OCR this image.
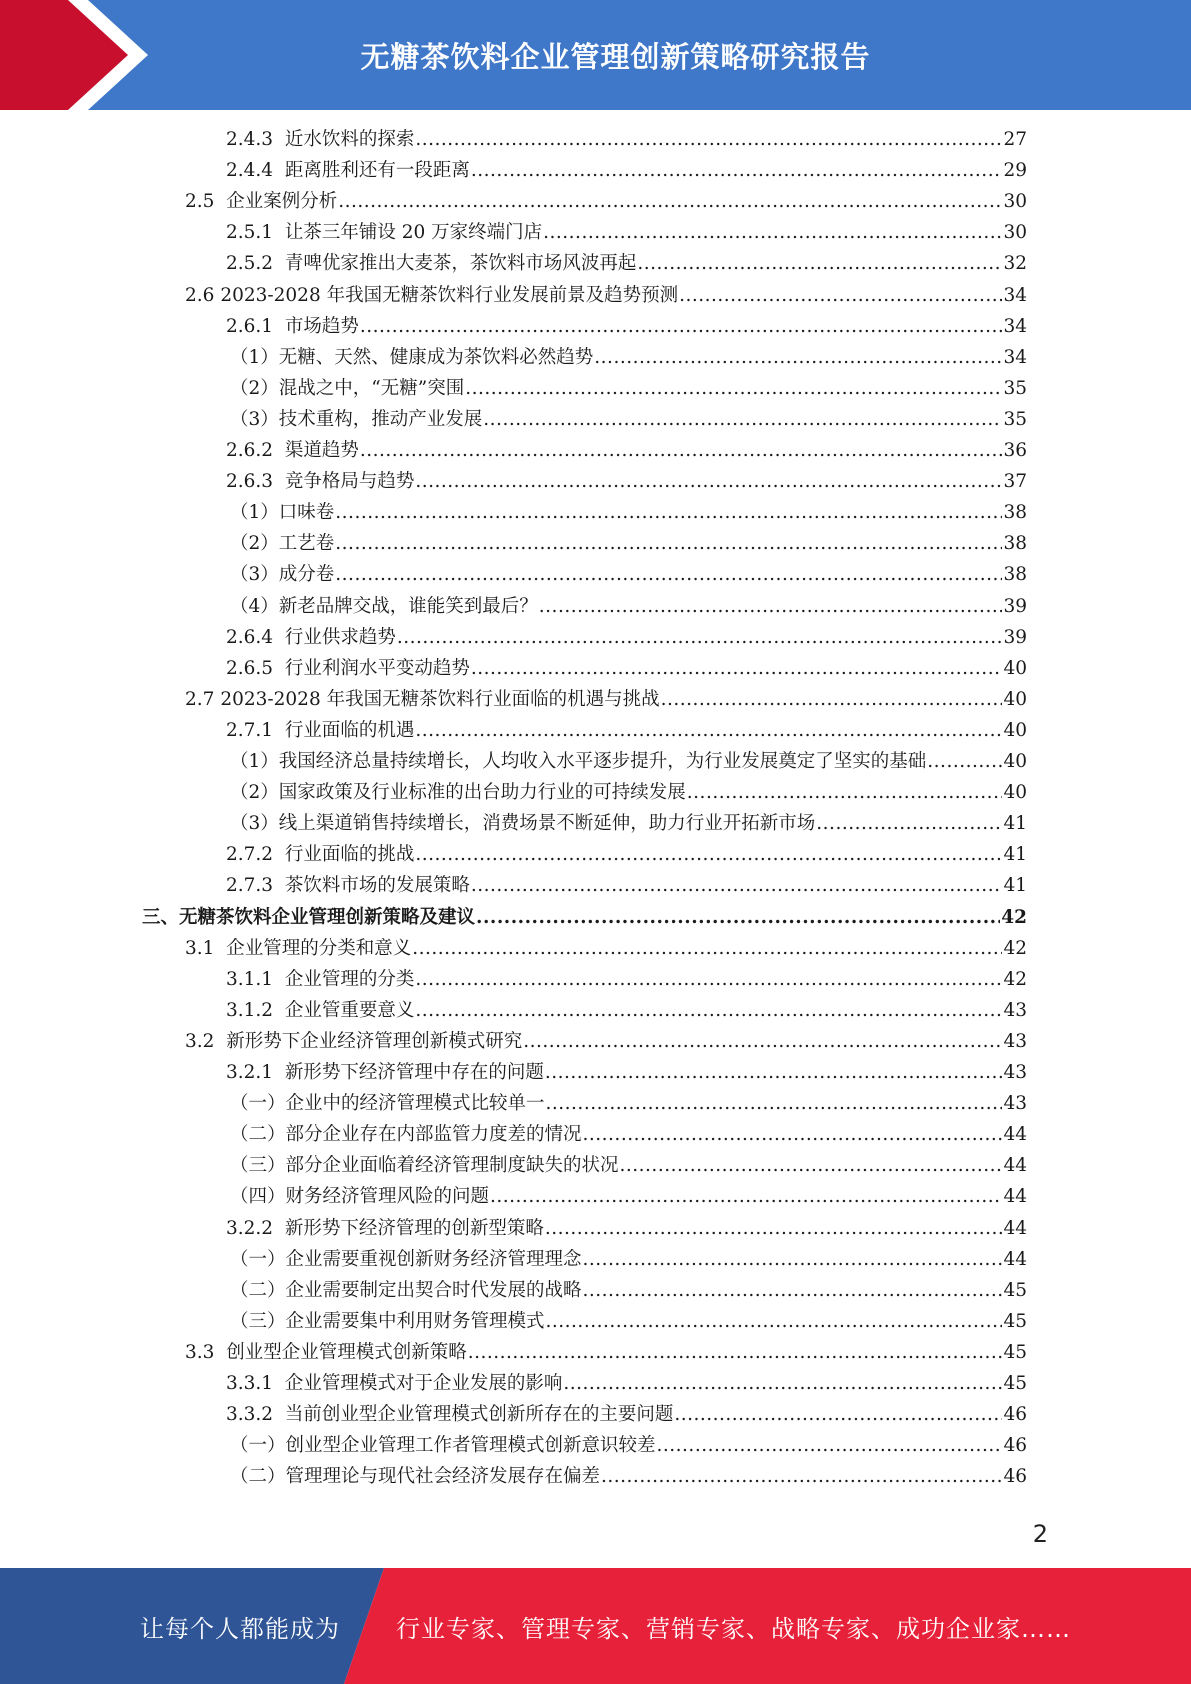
无糖茶饮料企业管理创新策略研究报告
2.4.3 近水饮料的探索 .....	27
2.4.4 距离胜利还有一段距离 .....	29
2.5 企业案例分析 .....	30
2.5.1 让茶三年铺设 20 万家终端门店 .....	30
2.5.2 青啤优家推出大麦茶，茶饮料市场风波再起 .....	32
2.6 2023-2028 年我国无糖茶饮料行业发展前景及趋势预测 .....	34
2.6.1 市场趋势 .....	34
（1） 无糖、天然、健康成为茶饮料必然趋势 .....	34
（2） 混战之中，“无糖”突围 .....	35
（3） 技术重构，推动产业发展 .....	35
2.6.2 渠道趋势 .....	36
2.6.3 竞争格局与趋势 .....	37
（1） 口味卷 .....	38
（2） 工艺卷 .....	38
（3） 成分卷 .....	38
（4） 新老品牌交战，谁能笑到最后？ .....	39
2.6.4 行业供求趋势 .....	39
2.6.5 行业利润水平变动趋势 .....	40
2.7 2023-2028 年我国无糖茶饮料行业面临的机遇与挑战 .....	40
2.7.1 行业面临的机遇 .....	40
（1） 我国经济总量持续增长，人均收入水平逐步提升，为行业发展奠定了坚实的基础 .....	40
（2） 国家政策及行业标准的出台助力行业的可持续发展 .....	40
（3） 线上渠道销售持续增长，消费场景不断延伸，助力行业开拓新市场 .....	41
2.7.2 行业面临的挑战 .....	41
2.7.3 茶饮料市场的发展策略 .....	41
三、 无糖茶饮料企业管理创新策略及建议 .....	42
3.1 企业管理的分类和意义 .....	42
3.1.1 企业管理的分类 .....	42
3.1.2 企业管重要意义 .....	43
3.2 新形势下企业经济管理创新模式研究 .....	43
3.2.1 新形势下经济管理中存在的问题 .....	43
（一） 企业中的经济管理模式比较单一 .....	43
（二） 部分企业存在内部监管力度差的情况 .....	44
（三） 部分企业面临着经济管理制度缺失的状况 .....	44
（四） 财务经济管理风险的问题 .....	44
3.2.2 新形势下经济管理的创新型策略 .....	44
（一） 企业需要重视创新财务经济管理理念 .....	44
（二） 企业需要制定出契合时代发展的战略 .....	45
（三） 企业需要集中利用财务管理模式 .....	45
3.3 创业型企业管理模式创新策略 .....	45
3.3.1 企业管理模式对于企业发展的影响 .....	45
3.3.2 当前创业型企业管理模式创新所存在的主要问题 .....	46
（一） 创业型企业管理工作者管理模式创新意识较差 .....	46
（二） 管理理论与现代社会经济发展存在偏差 .....	46
2
让每个人都能成为 行业专家、管理专家、营销专家、战略专家、成功企业家……
